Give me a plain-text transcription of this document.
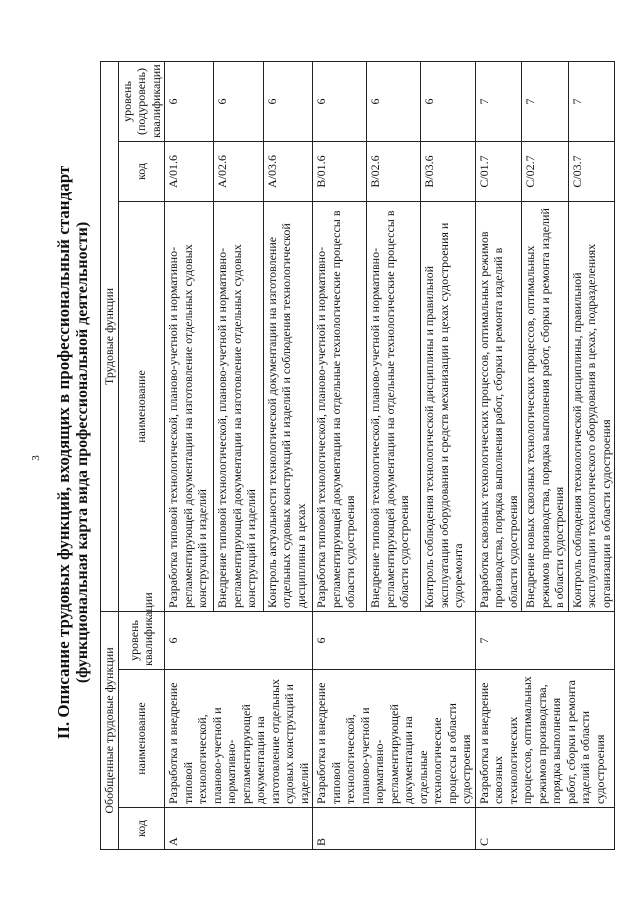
3 II. Описание трудовых функций, входящих в профессиональный стандарт (функциональная карта вида профессиональной деятельности)
Обобщенные трудовые функции			Трудовые функции		
код	наименование	уровень квалификации	наименование	код	уровень (подуровень) квалификации
A	Разработка и внедрение типовой технологической, планово-учетной и нормативно-регламентирующей документации на изготовление отдельных судовых конструкций и изделий	6	Разработка типовой технологической, планово-учетной и нормативно-регламентирующей документации на изготовление отдельных судовых конструкций и изделий	A/01.6	6
			Внедрение типовой технологической, планово-учетной и нормативно-регламентирующей документации на изготовление отдельных судовых конструкций и изделий	A/02.6	6
			Контроль актуальности технологической документации на изготовление отдельных судовых конструкций и изделий и соблюдения технологической дисциплины в цехах	A/03.6	6
B	Разработка и внедрение типовой технологической, планово-учетной и нормативно-регламентирующей документации на отдельные технологические процессы в области судостроения	6	Разработка типовой технологической, планово-учетной и нормативно-регламентирующей документации на отдельные технологические процессы в области судостроения	B/01.6	6
			Внедрение типовой технологической, планово-учетной и нормативно-регламентирующей документации на отдельные технологические процессы в области судостроения	B/02.6	6
			Контроль соблюдения технологической дисциплины и правильной эксплуатации оборудования и средств механизации в цехах судостроения и судоремонта	B/03.6	6
C	Разработка и внедрение сквозных технологических процессов, оптимальных режимов производства, порядка выполнения работ, сборки и ремонта изделий в области судостроения	7	Разработка сквозных технологических процессов, оптимальных режимов производства, порядка выполнения работ, сборки и ремонта изделий в области судостроения	C/01.7	7
			Внедрение новых сквозных технологических процессов, оптимальных режимов производства, порядка выполнения работ, сборки и ремонта изделий в области судостроения	C/02.7	7
			Контроль соблюдения технологической дисциплины, правильной эксплуатации технологического оборудования в цехах, подразделениях организации в области судостроения	C/03.7	7
